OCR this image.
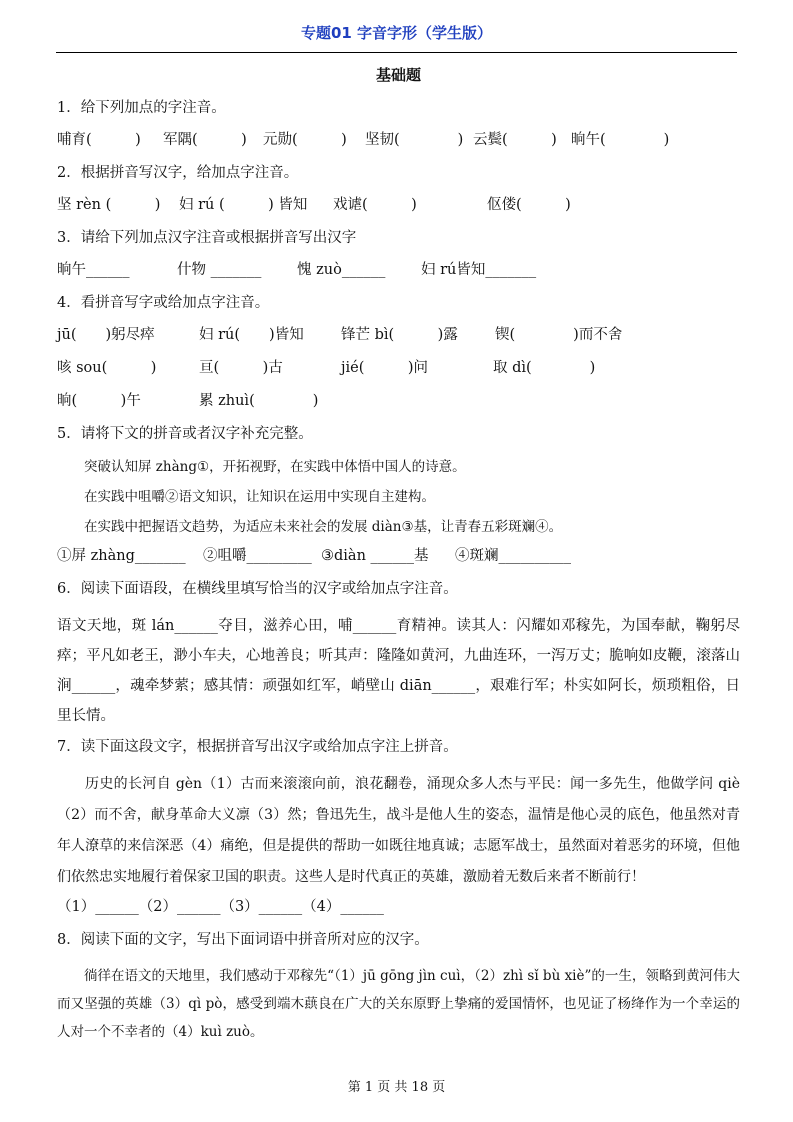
专题01 字音字形（学生版）
基础题
1．给下列加点的字注音。
哺育(　　　) 军隅(　　　) 元勋(　　　) 坚韧(　　　　) 云鬓(　　　) 晌午(　　　　)
2．根据拼音写汉字，给加点字注音。
坚 rèn (　　　) 妇 rú (　　　) 皆知 戏谑(　　　)	伛偻(　　　)
3．请给下列加点汉字注音或根据拼音写出汉字
晌午______	什物 _______ 愧 zuò______ 妇 rú皆知_______
4．看拼音写字或给加点字注音。
jū(　　)躬尽瘁	妇 rú(　　)皆知	锋芒 bì(　　　)露	锲(　　　　)而不舍
咳 sou(　　　)	亘(　　　)古	jié(　　　)问	取 dì(　　　　)
晌(　　　)午	累 zhuì(　　　　)
5．请将下文的拼音或者汉字补充完整。
突破认知屏 zhàng①，开拓视野，在实践中体悟中国人的诗意。
在实践中咀嚼②语文知识，让知识在运用中实现自主建构。
在实践中把握语文趋势，为适应未来社会的发展 diàn③基，让青春五彩斑斓④。
①屏 zhàng_______ ②咀嚼_________ ③diàn ______基 ④斑斓__________
6．阅读下面语段，在横线里填写恰当的汉字或给加点字注音。
语文天地，斑 lán______夺目，滋养心田，哺______育精神。读其人：闪耀如邓稼先，为国奉献，鞠躬尽瘁；平凡如老王，渺小车夫，心地善良；听其声：隆隆如黄河，九曲连环，一泻万丈；脆响如皮鞭，滚落山涧______，魂牵梦萦；感其情：顽强如红军，峭壁山 diān______，艰难行军；朴实如阿长，烦琐粗俗，日里长情。
7．读下面这段文字，根据拼音写出汉字或给加点字注上拼音。
历史的长河自 gèn（1）古而来滚滚向前，浪花翻卷，涌现众多人杰与平民：闻一多先生，他做学问 qiè（2）而不舍，献身革命大义凛（3）然；鲁迅先生，战斗是他人生的姿态，温情是他心灵的底色，他虽然对青年人潦草的来信深恶（4）痛绝，但是提供的帮助一如既往地真诚；志愿军战士，虽然面对着恶劣的环境，但他们依然忠实地履行着保家卫国的职责。这些人是时代真正的英雄，激励着无数后来者不断前行！
（1）______（2）______（3）______（4）______
8．阅读下面的文字，写出下面词语中拼音所对应的汉字。
徜徉在语文的天地里，我们感动于邓稼先“（1）jū gōng jìn cuì，（2）zhì sǐ bù xiè”的一生，领略到黄河伟大而又坚强的英雄（3）qì pò，感受到端木蕻良在广大的关东原野上挚痛的爱国情怀，也见证了杨绛作为一个幸运的人对一个不幸者的（4）kuì zuò。
第 1 页 共 18 页
